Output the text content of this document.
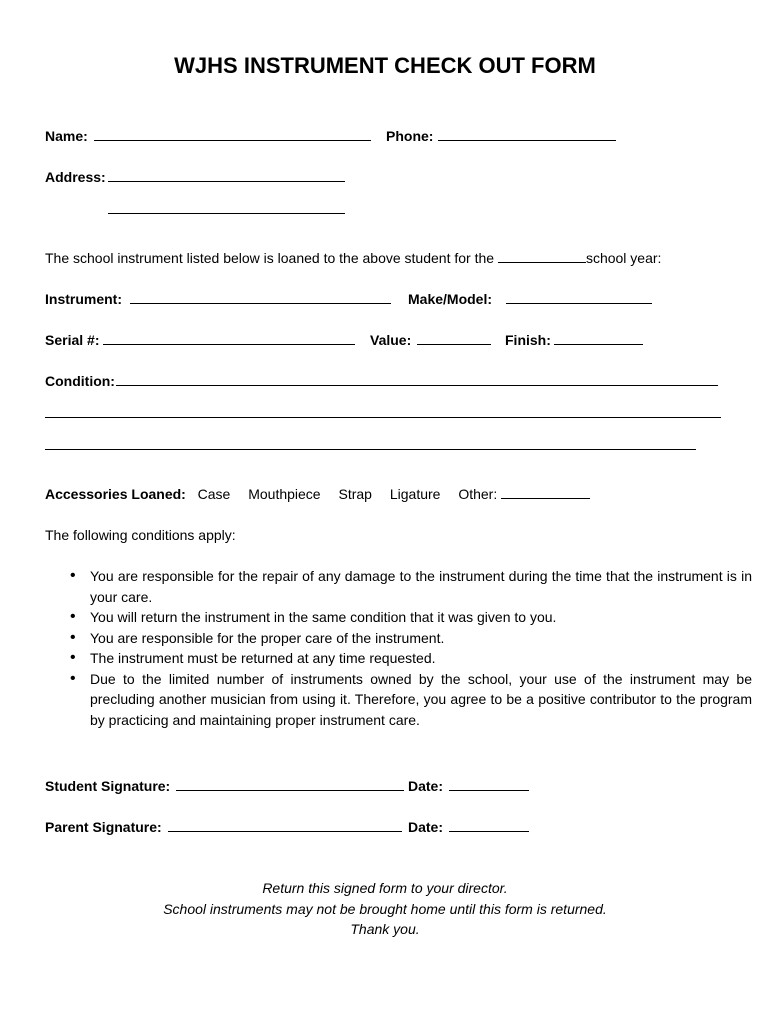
WJHS INSTRUMENT CHECK OUT FORM
Name:	Phone:
Address:
The school instrument listed below is loaned to the above student for the	school year:
Instrument:	Make/Model:
Serial #:	Value:	Finish:
Condition:
Accessories Loaned: Case Mouthpiece Strap Ligature Other:
The following conditions apply:
• You are responsible for the repair of any damage to the instrument during the time that the instrument is in your care.
• You will return the instrument in the same condition that it was given to you.
• You are responsible for the proper care of the instrument.
• The instrument must be returned at any time requested.
• Due to the limited number of instruments owned by the school, your use of the instrument may be precluding another musician from using it. Therefore, you agree to be a positive contributor to the program by practicing and maintaining proper instrument care.
Student Signature:	Date:
Parent Signature:	Date:
Return this signed form to your director.
School instruments may not be brought home until this form is returned.
Thank you.
